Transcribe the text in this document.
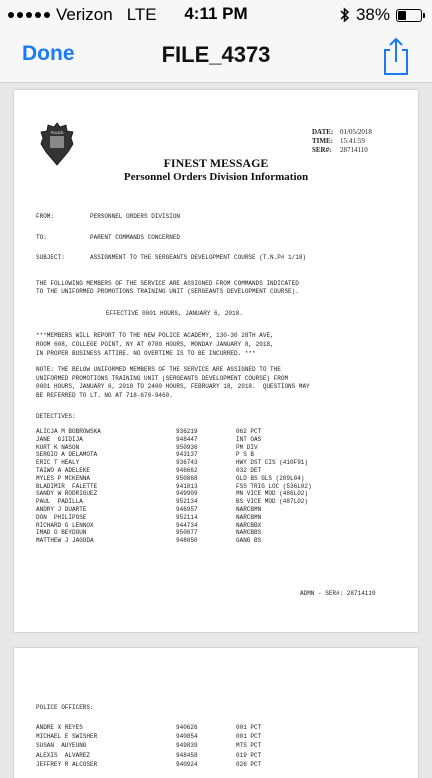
Verizon LTE	4:11 PM	38%
Done	FILE_4373
POLICE	DATE: 01/05/2018
TIME: 15:41:59
SER#: 28714110
FINEST MESSAGE
Personnel Orders Division Information
FROM:	PERSONNEL ORDERS DIVISION
TO:	PARENT COMMANDS CONCERNED
SUBJECT:	ASSIGNMENT TO THE SERGEANTS DEVELOPMENT COURSE (T.N.P# 1/18)
THE FOLLOWING MEMBERS OF THE SERVICE ARE ASSIGNED FROM COMMANDS INDICATED
TO THE UNIFORMED PROMOTIONS TRAINING UNIT (SERGEANTS DEVELOPMENT COURSE).
EFFECTIVE 0001 HOURS, JANUARY 6, 2018.
***MEMBERS WILL REPORT TO THE NEW POLICE ACADEMY, 130-30 28TH AVE,
ROOM 608, COLLEGE POINT, NY AT 0700 HOURS, MONDAY JANUARY 8, 2018,
IN PROPER BUSINESS ATTIRE. NO OVERTIME IS TO BE INCURRED. ***
NOTE: THE BELOW UNIFORMED MEMBERS OF THE SERVICE ARE ASSIGNED TO THE
UNIFORMED PROMOTIONS TRAINING UNIT (SERGEANTS DEVELOPMENT COURSE) FROM
0001 HOURS, JANUARY 6, 2018 TO 2400 HOURS, FEBRUARY 18, 2018.  QUESTIONS MAY
BE REFERRED TO LT. NG AT 718-670-9460.
DETECTIVES:
ALICJA M BOBROWSKA	936219	062 PCT
JANE  GJIDIJA	948447	INT OAS
KURT K NASON	950936	PM DIV
SERGIO A DELAMOTA	943137	P S B
ERIC T HEALY	936743	HWY DST CIS (410F91)
TAIWO A ADELEKE	946662	032 DET
MYLES P MCKENNA	950868	GLD BS GLS (209L04)
BLADIMIR  FALETTE	941013	FSS TRIG LOC (536L02)
SANDY W RODRIGUEZ	949909	MN VICE MOD (486L02)
PAUL  PADILLA	952134	BS VICE MOD (487L02)
ANDRY J DUARTE	946957	NARCBMN
DON  PHILIPOSE	952114	NARCBMN
RICHARD G LENNOX	944734	NARCBBX
IMAD G BEYDOUN	950077	NARCBBS
MATTHEW J JAGODA	948050	GANG BS
ADMN - SER#: 28714110
POLICE OFFICERS:
ANDRE X REYES	940626	001 PCT
MICHAEL E SWISHER	940854	001 PCT
SUSAN  AUYEUNG	949839	MTS PCT
ALEXIS  ALVAREZ	948458	019 PCT
JEFFREY R ALCOSER	940924	026 PCT
